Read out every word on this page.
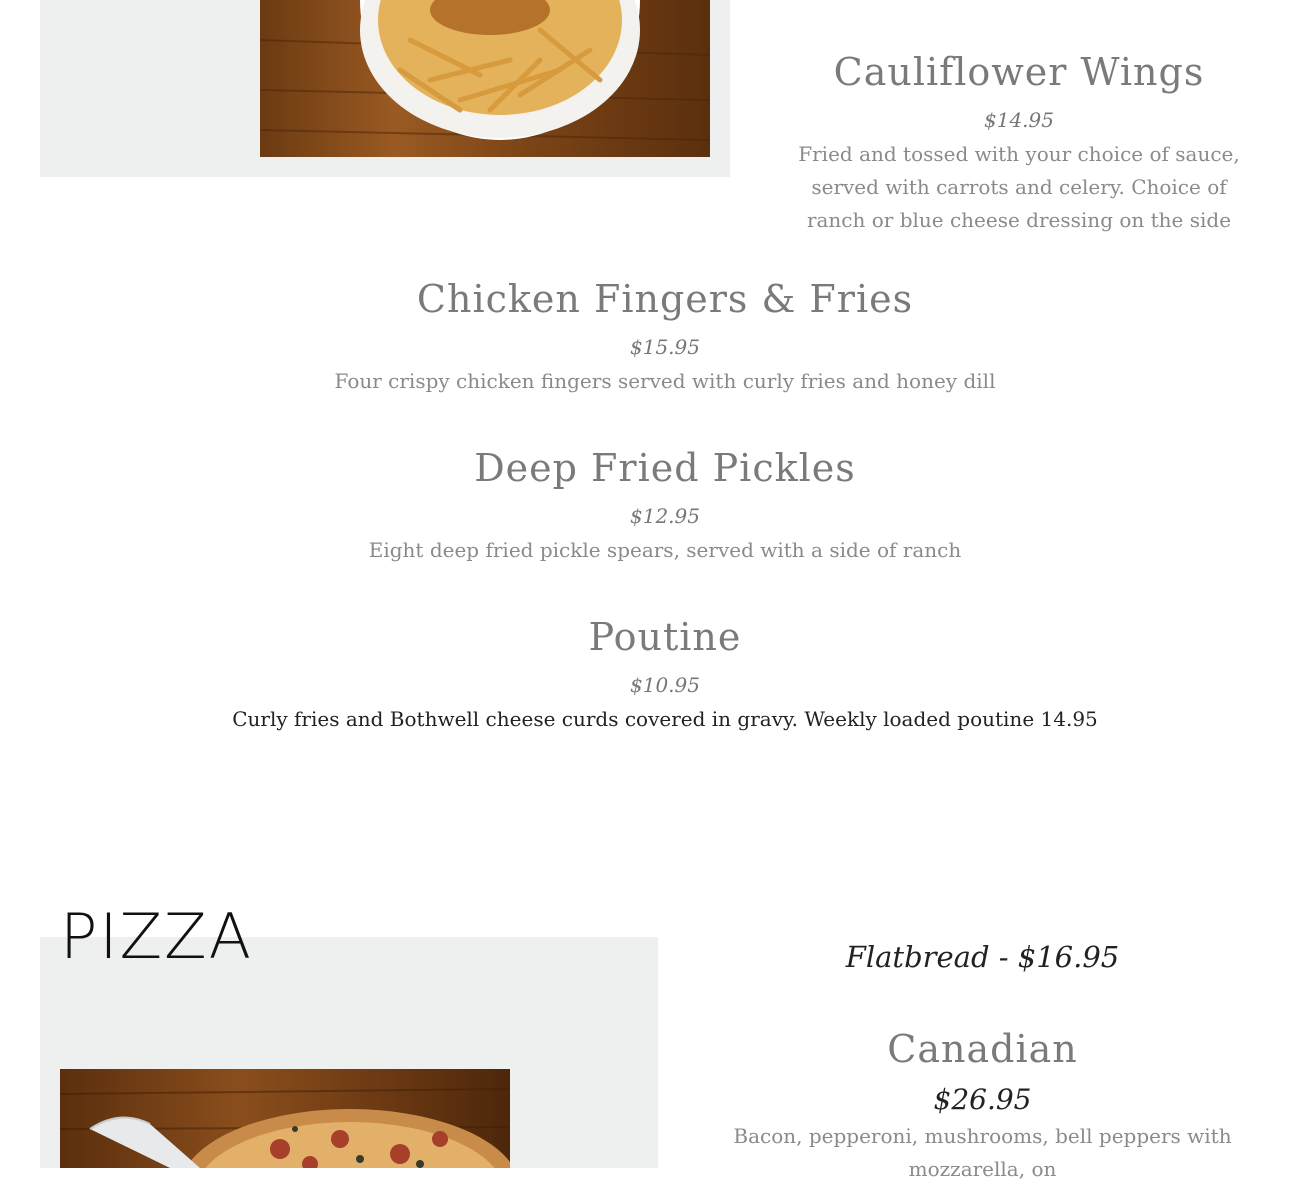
Cauliflower Wings
$14.95
Fried and tossed with your choice of sauce, served with carrots and celery. Choice of ranch or blue cheese dressing on the side
Chicken Fingers & Fries
$15.95
Four crispy chicken fingers served with curly fries and honey dill
Deep Fried Pickles
$12.95
Eight deep fried pickle spears, served with a side of ranch
Poutine
$10.95
Curly fries and Bothwell cheese curds covered in gravy. Weekly loaded poutine 14.95
PIZZA	Flatbread - $16.95
Canadian
$26.95
Bacon, pepperoni, mushrooms, bell peppers with mozzarella, on
